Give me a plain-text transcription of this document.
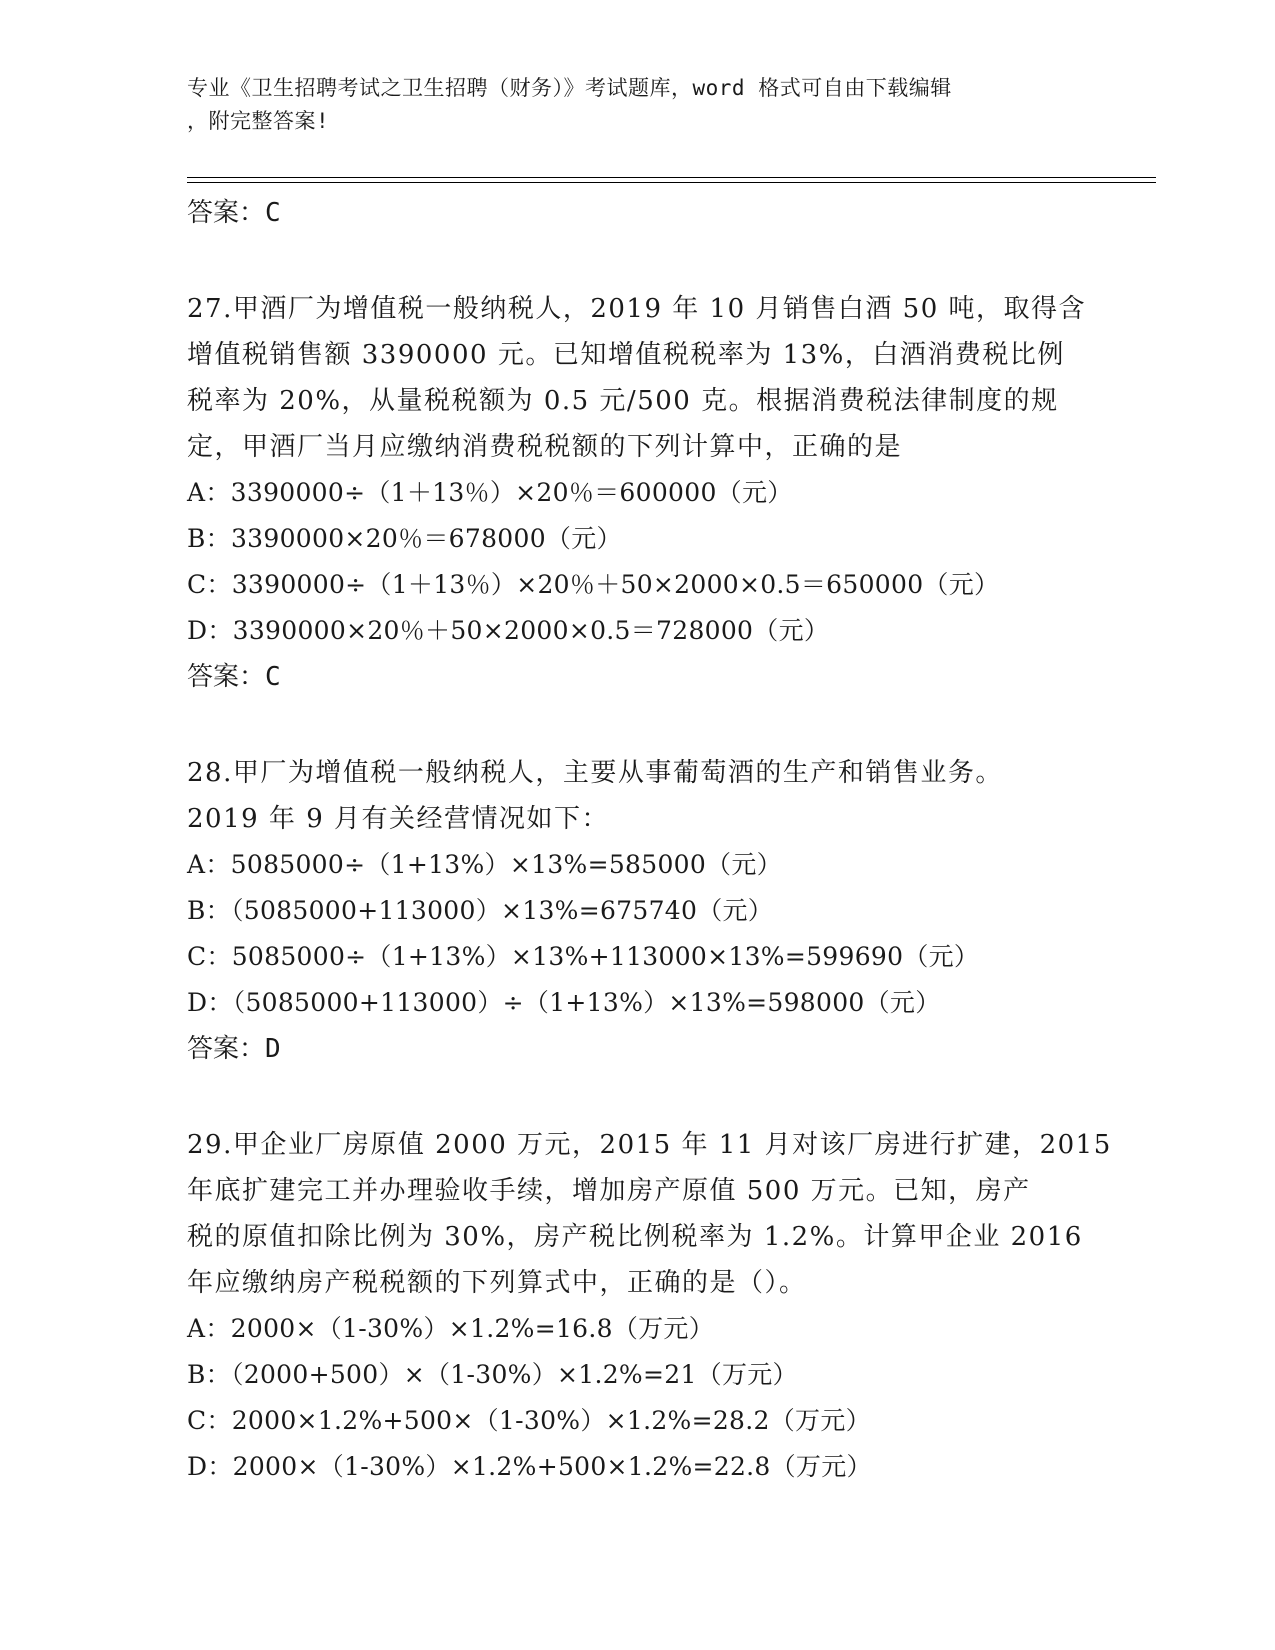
专业《卫生招聘考试之卫生招聘（财务）》考试题库，word 格式可自由下载编辑
，附完整答案!
答案：C
27.甲酒厂为增值税一般纳税人，2019 年 10 月销售白酒 50 吨，取得含
增值税销售额 3390000 元。已知增值税税率为 13%，白酒消费税比例
税率为 20%，从量税税额为 0.5 元/500 克。根据消费税法律制度的规
定，甲酒厂当月应缴纳消费税税额的下列计算中，正确的是
A：3390000÷（1＋13％）×20％＝600000（元）
B：3390000×20％＝678000（元）
C：3390000÷（1＋13％）×20％＋50×2000×0.5＝650000（元）
D：3390000×20％＋50×2000×0.5＝728000（元）
答案：C
28.甲厂为增值税一般纳税人，主要从事葡萄酒的生产和销售业务。
2019 年 9 月有关经营情况如下：
A：5085000÷（1+13%）×13%=585000（元）
B：（5085000+113000）×13%=675740（元）
C：5085000÷（1+13%）×13%+113000×13%=599690（元）
D：（5085000+113000）÷（1+13%）×13%=598000（元）
答案：D
29.甲企业厂房原值 2000 万元，2015 年 11 月对该厂房进行扩建，2015
年底扩建完工并办理验收手续，增加房产原值 500 万元。已知，房产
税的原值扣除比例为 30%，房产税比例税率为 1.2%。计算甲企业 2016
年应缴纳房产税税额的下列算式中，正确的是（）。
A：2000×（1-30%）×1.2%=16.8（万元）
B：（2000+500）×（1-30%）×1.2%=21（万元）
C：2000×1.2%+500×（1-30%）×1.2%=28.2（万元）
D：2000×（1-30%）×1.2%+500×1.2%=22.8（万元）
